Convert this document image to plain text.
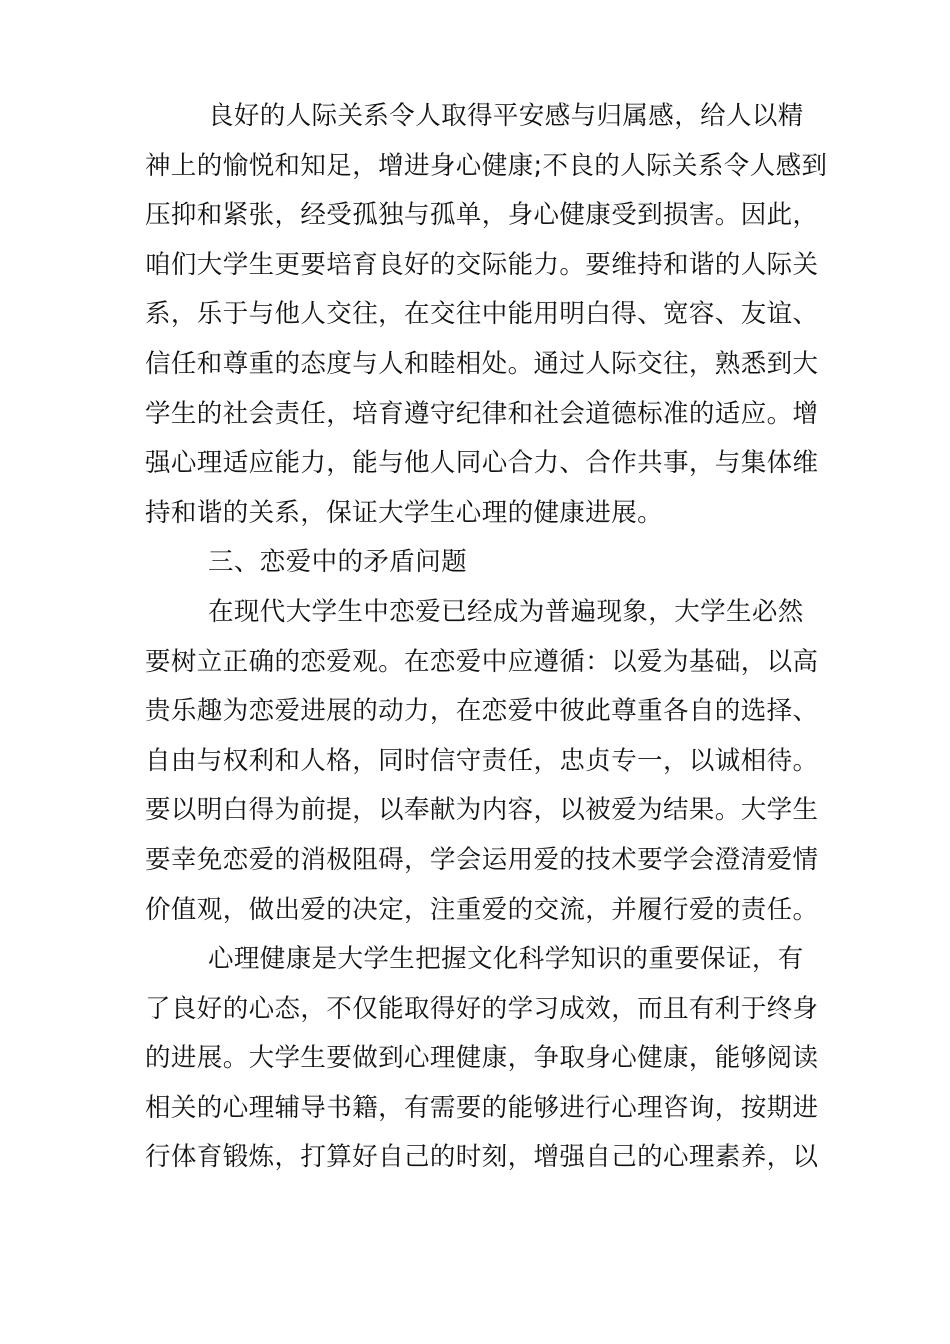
良好的人际关系令人取得平安感与归属感，给人以精
神上的愉悦和知足，增进身心健康;不良的人际关系令人感到
压抑和紧张，经受孤独与孤单，身心健康受到损害。因此，
咱们大学生更要培育良好的交际能力。要维持和谐的人际关
系，乐于与他人交往，在交往中能用明白得、宽容、友谊、
信任和尊重的态度与人和睦相处。通过人际交往，熟悉到大
学生的社会责任，培育遵守纪律和社会道德标准的适应。增
强心理适应能力，能与他人同心合力、合作共事，与集体维
持和谐的关系，保证大学生心理的健康进展。
三、恋爱中的矛盾问题
在现代大学生中恋爱已经成为普遍现象，大学生必然
要树立正确的恋爱观。在恋爱中应遵循：以爱为基础，以高
贵乐趣为恋爱进展的动力，在恋爱中彼此尊重各自的选择、
自由与权利和人格，同时信守责任，忠贞专一，以诚相待。
要以明白得为前提，以奉献为内容，以被爱为结果。大学生
要幸免恋爱的消极阻碍，学会运用爱的技术要学会澄清爱情
价值观，做出爱的决定，注重爱的交流，并履行爱的责任。
心理健康是大学生把握文化科学知识的重要保证，有
了良好的心态，不仅能取得好的学习成效，而且有利于终身
的进展。大学生要做到心理健康，争取身心健康，能够阅读
相关的心理辅导书籍，有需要的能够进行心理咨询，按期进
行体育锻炼，打算好自己的时刻，增强自己的心理素养，以
